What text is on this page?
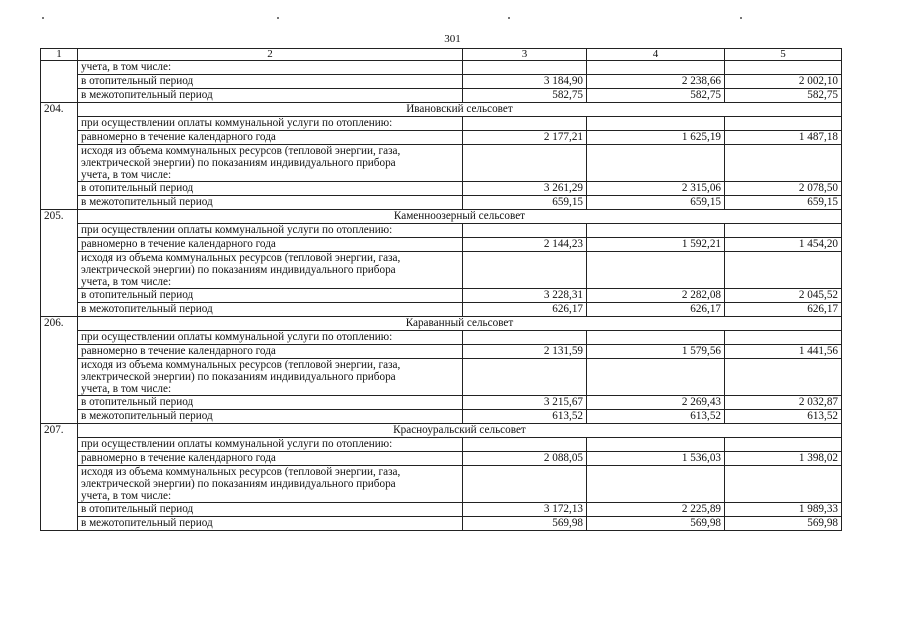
301
1	2	3	4	5
	учета, в том числе:			
	в отопительный период	3 184,90	2 238,66	2 002,10
	в межотопительный период	582,75	582,75	582,75
204.	Ивановский сельсовет			
	при осуществлении оплаты коммунальной услуги по отоплению:			
	равномерно в течение календарного года	2 177,21	1 625,19	1 487,18

	исходя из объема коммунальных ресурсов (тепловой энергии, газа,
электрической энергии) по показаниям индивидуального прибора
учета, в том числе:			

	в отопительный период	3 261,29	2 315,06	2 078,50
	в межотопительный период	659,15	659,15	659,15
205.	Каменноозерный сельсовет			
	при осуществлении оплаты коммунальной услуги по отоплению:			
	равномерно в течение календарного года	2 144,23	1 592,21	1 454,20

	исходя из объема коммунальных ресурсов (тепловой энергии, газа,
электрической энергии) по показаниям индивидуального прибора
учета, в том числе:			

	в отопительный период	3 228,31	2 282,08	2 045,52
	в межотопительный период	626,17	626,17	626,17
206.	Караванный сельсовет			
	при осуществлении оплаты коммунальной услуги по отоплению:			
	равномерно в течение календарного года	2 131,59	1 579,56	1 441,56

	исходя из объема коммунальных ресурсов (тепловой энергии, газа,
электрической энергии) по показаниям индивидуального прибора
учета, в том числе:			

	в отопительный период	3 215,67	2 269,43	2 032,87
	в межотопительный период	613,52	613,52	613,52
207.	Красноуральский сельсовет			
	при осуществлении оплаты коммунальной услуги по отоплению:			
	равномерно в течение календарного года	2 088,05	1 536,03	1 398,02

	исходя из объема коммунальных ресурсов (тепловой энергии, газа,
электрической энергии) по показаниям индивидуального прибора
учета, в том числе:			

	в отопительный период	3 172,13	2 225,89	1 989,33
	в межотопительный период	569,98	569,98	569,98
